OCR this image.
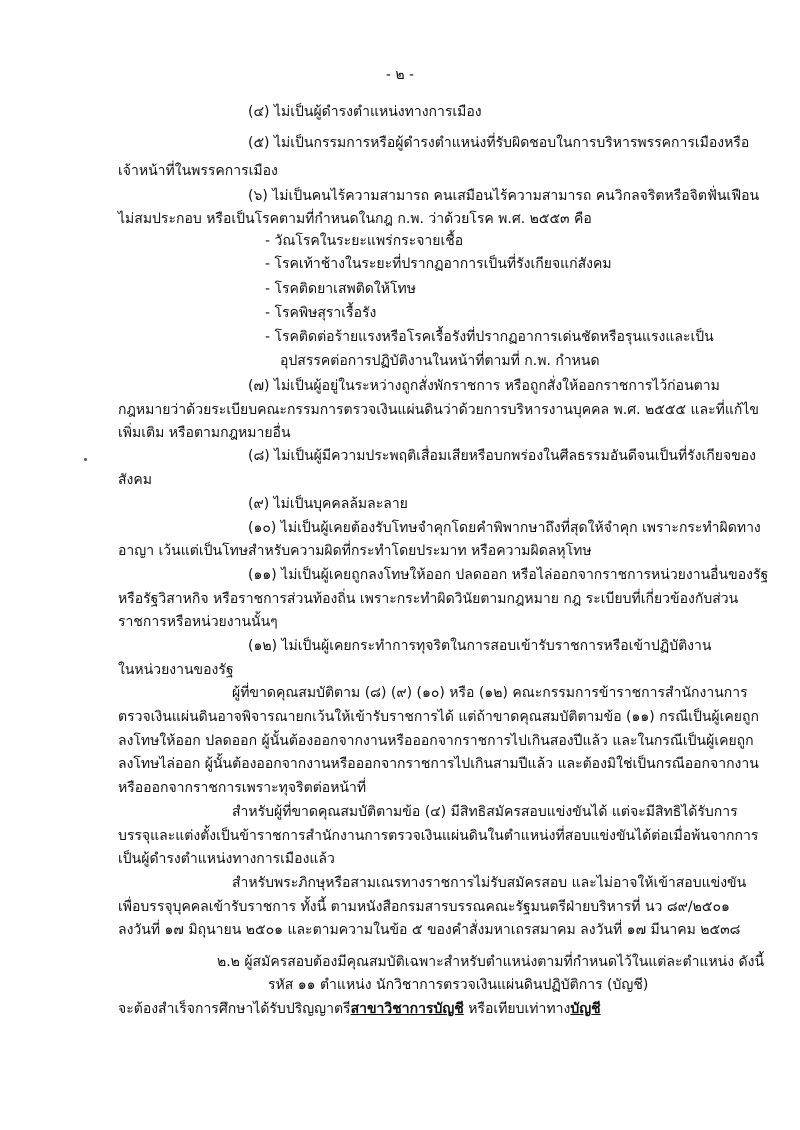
- ๒ -
(๔) ไม่เป็นผู้ดำรงตำแหน่งทางการเมือง
(๕) ไม่เป็นกรรมการหรือผู้ดำรงตำแหน่งที่รับผิดชอบในการบริหารพรรคการเมืองหรือ
เจ้าหน้าที่ในพรรคการเมือง
(๖) ไม่เป็นคนไร้ความสามารถ คนเสมือนไร้ความสามารถ คนวิกลจริตหรือจิตฟั่นเฟือน
ไม่สมประกอบ หรือเป็นโรคตามที่กำหนดในกฎ ก.พ. ว่าด้วยโรค พ.ศ. ๒๕๕๓ คือ
- วัณโรคในระยะแพร่กระจายเชื้อ
- โรคเท้าช้างในระยะที่ปรากฏอาการเป็นที่รังเกียจแก่สังคม
- โรคติดยาเสพติดให้โทษ
- โรคพิษสุราเรื้อรัง
- โรคติดต่อร้ายแรงหรือโรคเรื้อรังที่ปรากฏอาการเด่นชัดหรือรุนแรงและเป็น
อุปสรรคต่อการปฏิบัติงานในหน้าที่ตามที่ ก.พ. กำหนด
(๗) ไม่เป็นผู้อยู่ในระหว่างถูกสั่งพักราชการ หรือถูกสั่งให้ออกราชการไว้ก่อนตาม
กฎหมายว่าด้วยระเบียบคณะกรรมการตรวจเงินแผ่นดินว่าด้วยการบริหารงานบุคคล พ.ศ. ๒๕๕๕ และที่แก้ไข
เพิ่มเติม หรือตามกฎหมายอื่น
(๘) ไม่เป็นผู้มีความประพฤติเสื่อมเสียหรือบกพร่องในศีลธรรมอันดีจนเป็นที่รังเกียจของ
สังคม
(๙) ไม่เป็นบุคคลล้มละลาย
(๑๐) ไม่เป็นผู้เคยต้องรับโทษจำคุกโดยคำพิพากษาถึงที่สุดให้จำคุก เพราะกระทำผิดทาง
อาญา เว้นแต่เป็นโทษสำหรับความผิดที่กระทำโดยประมาท หรือความผิดลหุโทษ
(๑๑) ไม่เป็นผู้เคยถูกลงโทษให้ออก ปลดออก หรือไล่ออกจากราชการหน่วยงานอื่นของรัฐ
หรือรัฐวิสาหกิจ หรือราชการส่วนท้องถิ่น เพราะกระทำผิดวินัยตามกฎหมาย กฎ ระเบียบที่เกี่ยวข้องกับส่วน
ราชการหรือหน่วยงานนั้นๆ
(๑๒) ไม่เป็นผู้เคยกระทำการทุจริตในการสอบเข้ารับราชการหรือเข้าปฏิบัติงาน
ในหน่วยงานของรัฐ
ผู้ที่ขาดคุณสมบัติตาม (๘) (๙) (๑๐) หรือ (๑๒) คณะกรรมการข้าราชการสำนักงานการ
ตรวจเงินแผ่นดินอาจพิจารณายกเว้นให้เข้ารับราชการได้ แต่ถ้าขาดคุณสมบัติตามข้อ (๑๑) กรณีเป็นผู้เคยถูก
ลงโทษให้ออก ปลดออก ผู้นั้นต้องออกจากงานหรือออกจากราชการไปเกินสองปีแล้ว และในกรณีเป็นผู้เคยถูก
ลงโทษไล่ออก ผู้นั้นต้องออกจากงานหรือออกจากราชการไปเกินสามปีแล้ว และต้องมิใช่เป็นกรณีออกจากงาน
หรือออกจากราชการเพราะทุจริตต่อหน้าที่
สำหรับผู้ที่ขาดคุณสมบัติตามข้อ (๔) มีสิทธิสมัครสอบแข่งขันได้ แต่จะมีสิทธิได้รับการ
บรรจุและแต่งตั้งเป็นข้าราชการสำนักงานการตรวจเงินแผ่นดินในตำแหน่งที่สอบแข่งขันได้ต่อเมื่อพ้นจากการ
เป็นผู้ดำรงตำแหน่งทางการเมืองแล้ว
สำหรับพระภิกษุหรือสามเณรทางราชการไม่รับสมัครสอบ และไม่อาจให้เข้าสอบแข่งขัน
เพื่อบรรจุบุคคลเข้ารับราชการ ทั้งนี้ ตามหนังสือกรมสารบรรณคณะรัฐมนตรีฝ่ายบริหารที่ นว ๘๙/๒๕๐๑
ลงวันที่ ๑๗ มิถุนายน ๒๕๐๑ และตามความในข้อ ๕ ของคำสั่งมหาเถรสมาคม ลงวันที่ ๑๗ มีนาคม ๒๕๓๘
๒.๒ ผู้สมัครสอบต้องมีคุณสมบัติเฉพาะสำหรับตำแหน่งตามที่กำหนดไว้ในแต่ละตำแหน่ง ดังนี้
รหัส ๑๑ ตำแหน่ง นักวิชาการตรวจเงินแผ่นดินปฏิบัติการ (บัญชี)
จะต้องสำเร็จการศึกษาได้รับปริญญาตรีสาขาวิชาการบัญชี หรือเทียบเท่าทางบัญชี
